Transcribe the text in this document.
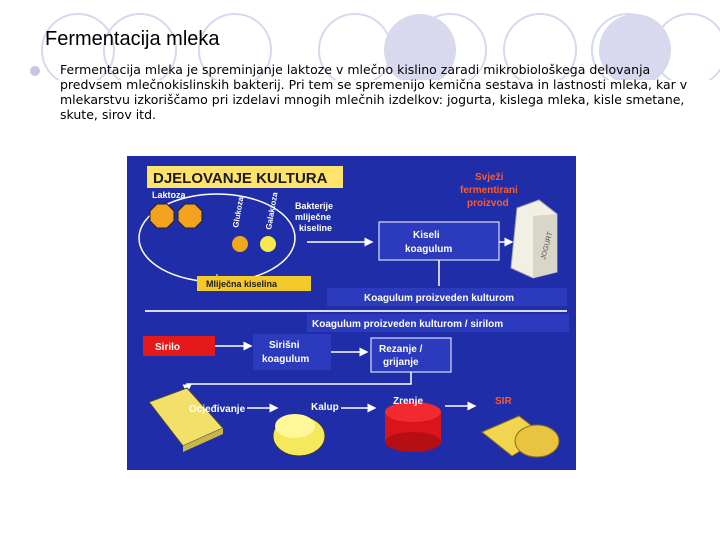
Fermentacija mleka
Fermentacija mleka je spreminjanje laktoze v mlečno kislino zaradi mikrobiološkega delovanja predvsem mlečnokislinskih bakterij. Pri tem se spremenijo kemična sestava in lastnosti mleka, kar v mlekarstvu izkoriščamo pri izdelavi mnogih mlečnih izdelkov: jogurta, kislega mleka, kisle smetane, skute, sirov itd.
DJELOVANJE KULTURA
Laktoza
Glukoza Galaktoza Bakterije
mliječne
kiseline
Mliječna kiselina
Svježi
fermentirani
proizvod
JOGURT
Kiseli
koagulum
Koagulum proizveden kulturom
Koagulum proizveden kulturom / sirilom
Sirilo	Sirišni
koagulum
Rezanje /
grijanje
Ocjeđivanje	Kalup
Zrenje	SIR
